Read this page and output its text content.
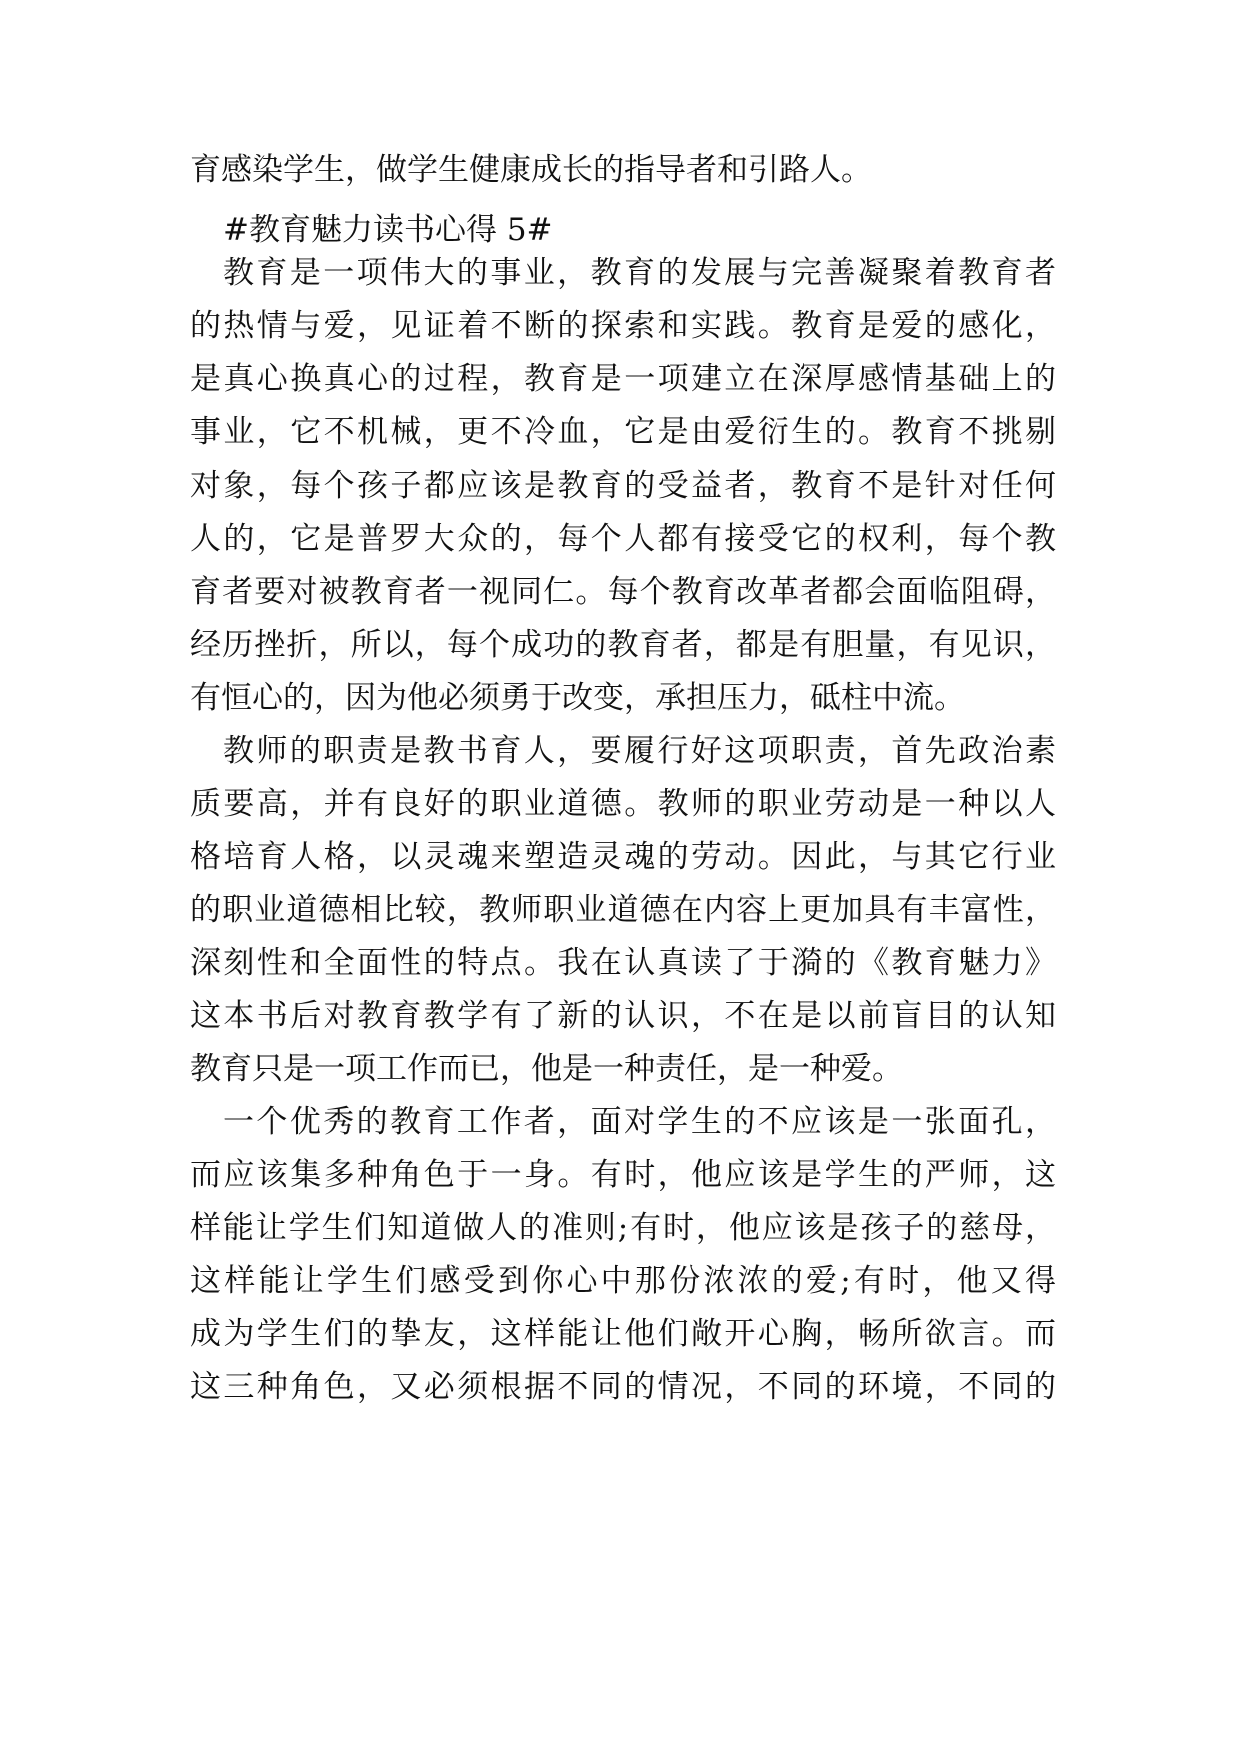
育感染学生，做学生健康成长的指导者和引路人。
#教育魅力读书心得 5#
教育是一项伟大的事业，教育的发展与完善凝聚着教育者
的热情与爱，见证着不断的探索和实践。教育是爱的感化，
是真心换真心的过程，教育是一项建立在深厚感情基础上的
事业，它不机械，更不冷血，它是由爱衍生的。教育不挑剔
对象，每个孩子都应该是教育的受益者，教育不是针对任何
人的，它是普罗大众的，每个人都有接受它的权利，每个教
育者要对被教育者一视同仁。每个教育改革者都会面临阻碍，
经历挫折，所以，每个成功的教育者，都是有胆量，有见识，
有恒心的，因为他必须勇于改变，承担压力，砥柱中流。
教师的职责是教书育人，要履行好这项职责，首先政治素
质要高，并有良好的职业道德。教师的职业劳动是一种以人
格培育人格，以灵魂来塑造灵魂的劳动。因此，与其它行业
的职业道德相比较，教师职业道德在内容上更加具有丰富性，
深刻性和全面性的特点。我在认真读了于漪的《教育魅力》
这本书后对教育教学有了新的认识，不在是以前盲目的认知
教育只是一项工作而已，他是一种责任，是一种爱。
一个优秀的教育工作者，面对学生的不应该是一张面孔，
而应该集多种角色于一身。有时，他应该是学生的严师，这
样能让学生们知道做人的准则;有时，他应该是孩子的慈母，
这样能让学生们感受到你心中那份浓浓的爱;有时，他又得
成为学生们的挚友，这样能让他们敞开心胸，畅所欲言。而
这三种角色，又必须根据不同的情况，不同的环境，不同的
